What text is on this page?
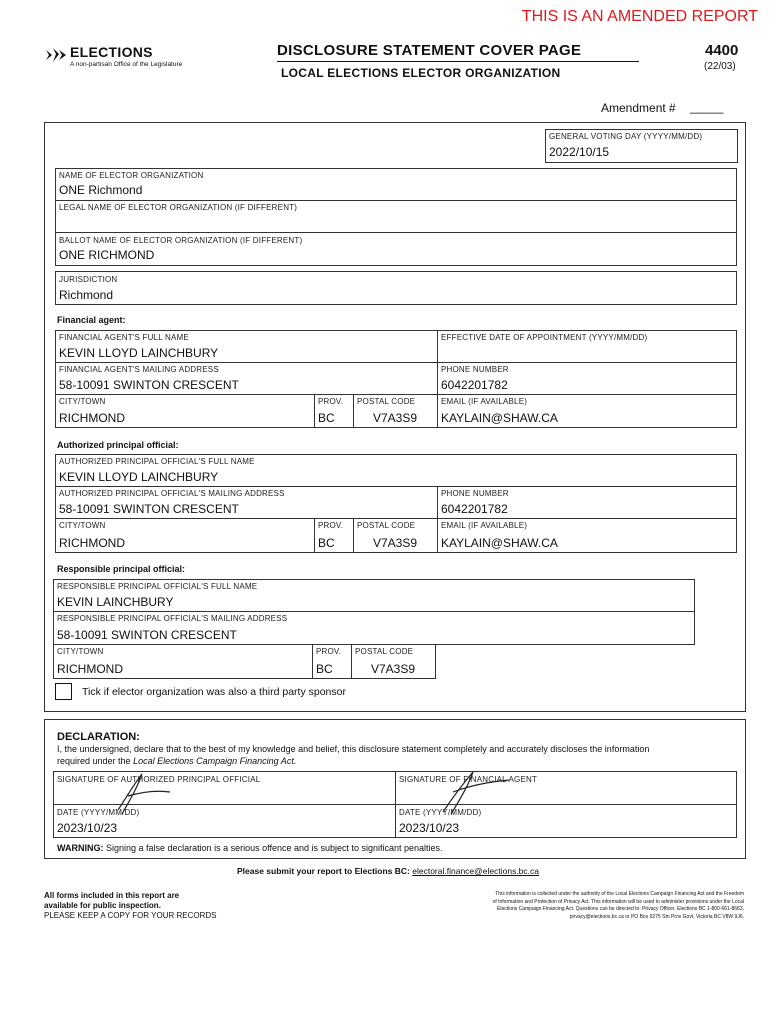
THIS IS AN AMENDED REPORT
ELECTIONS
A non-partisan Office of the Legislature
DISCLOSURE STATEMENT COVER PAGE
LOCAL ELECTIONS ELECTOR ORGANIZATION
4400
(22/03)
Amendment # _____
GENERAL VOTING DAY (YYYY/MM/DD)
2022/10/15
NAME OF ELECTOR ORGANIZATION
ONE Richmond
LEGAL NAME OF ELECTOR ORGANIZATION (IF DIFFERENT)
BALLOT NAME OF ELECTOR ORGANIZATION (IF DIFFERENT)
ONE RICHMOND
JURISDICTION
Richmond
Financial agent:
FINANCIAL AGENT'S FULL NAME
KEVIN LLOYD LAINCHBURY
EFFECTIVE DATE OF APPOINTMENT (YYYY/MM/DD)
FINANCIAL AGENT'S MAILING ADDRESS
58-10091 SWINTON CRESCENT
PHONE NUMBER
6042201782
CITY/TOWN
RICHMOND
PROV.
BC
POSTAL CODE
V7A3S9
EMAIL (IF AVAILABLE)
KAYLAIN@SHAW.CA
Authorized principal official:
AUTHORIZED PRINCIPAL OFFICIAL'S FULL NAME
KEVIN LLOYD LAINCHBURY
AUTHORIZED PRINCIPAL OFFICIAL'S MAILING ADDRESS
58-10091 SWINTON CRESCENT
PHONE NUMBER
6042201782
CITY/TOWN
RICHMOND
PROV.
BC
POSTAL CODE
V7A3S9
EMAIL (IF AVAILABLE)
KAYLAIN@SHAW.CA
Responsible principal official:
RESPONSIBLE PRINCIPAL OFFICIAL'S FULL NAME
KEVIN LAINCHBURY
RESPONSIBLE PRINCIPAL OFFICIAL'S MAILING ADDRESS
58-10091 SWINTON CRESCENT
CITY/TOWN
RICHMOND
PROV.
BC
POSTAL CODE
V7A3S9
Tick if elector organization was also a third party sponsor
DECLARATION:
I, the undersigned, declare that to the best of my knowledge and belief, this disclosure statement completely and accurately discloses the information
required under the Local Elections Campaign Financing Act.
SIGNATURE OF AUTHORIZED PRINCIPAL OFFICIAL	SIGNATURE OF FINANCIAL AGENT
DATE (YYYY/MM/DD)
2023/10/23
DATE (YYYY/MM/DD)
2023/10/23
WARNING: Signing a false declaration is a serious offence and is subject to significant penalties.
Please submit your report to Elections BC: electoral.finance@elections.bc.ca
All forms included in this report are
available for public inspection.
PLEASE KEEP A COPY FOR YOUR RECORDS
This information is collected under the authority of the Local Elections Campaign Financing Act and the Freedom
of Information and Protection of Privacy Act. This information will be used to administer provisions under the Local
Elections Campaign Financing Act. Questions can be directed to: Privacy Officer, Elections BC 1-800-661-8683,
privacy@elections.bc.ca or PO Box 9275 Stn Prov Govt, Victoria BC V8W 9J6.
